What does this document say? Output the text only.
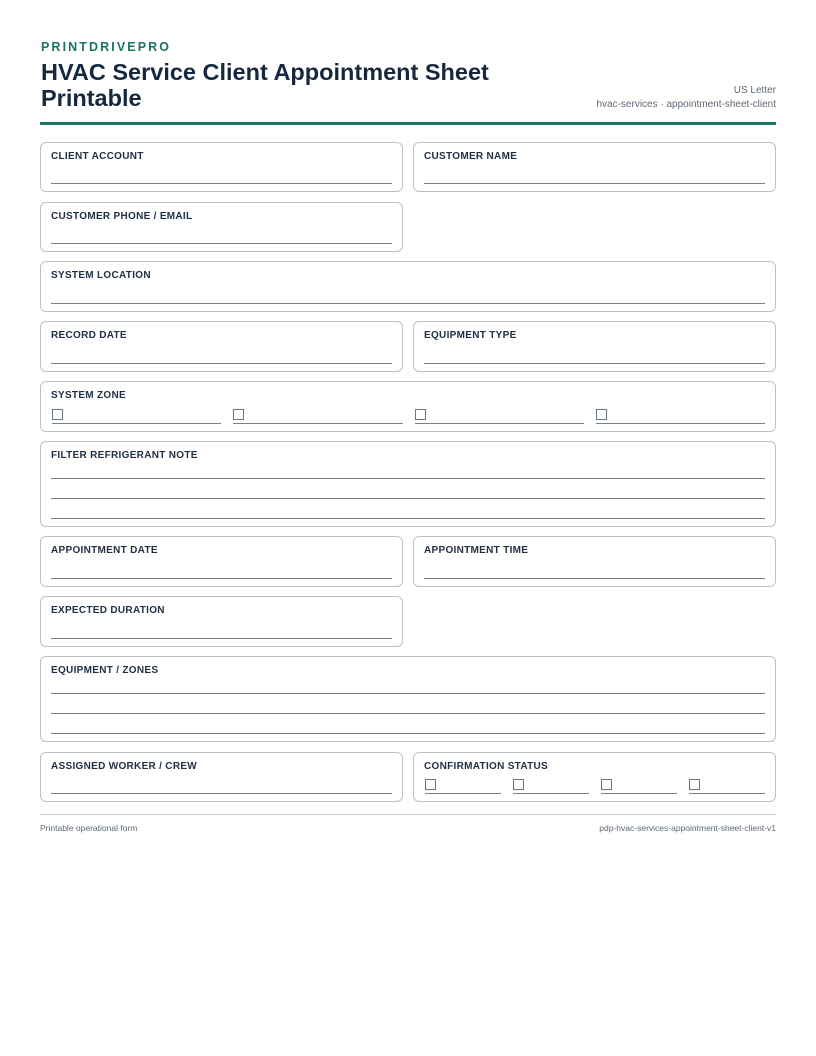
PRINTDRIVEPRO
HVAC Service Client Appointment Sheet Printable	US Letter
hvac-services · appointment-sheet-client
CLIENT ACCOUNT	CUSTOMER NAME
CUSTOMER PHONE / EMAIL
SYSTEM LOCATION
RECORD DATE	EQUIPMENT TYPE
SYSTEM ZONE
FILTER REFRIGERANT NOTE
APPOINTMENT DATE	APPOINTMENT TIME
EXPECTED DURATION
EQUIPMENT / ZONES
ASSIGNED WORKER / CREW	CONFIRMATION STATUS
Printable operational form	pdp-hvac-services-appointment-sheet-client-v1
